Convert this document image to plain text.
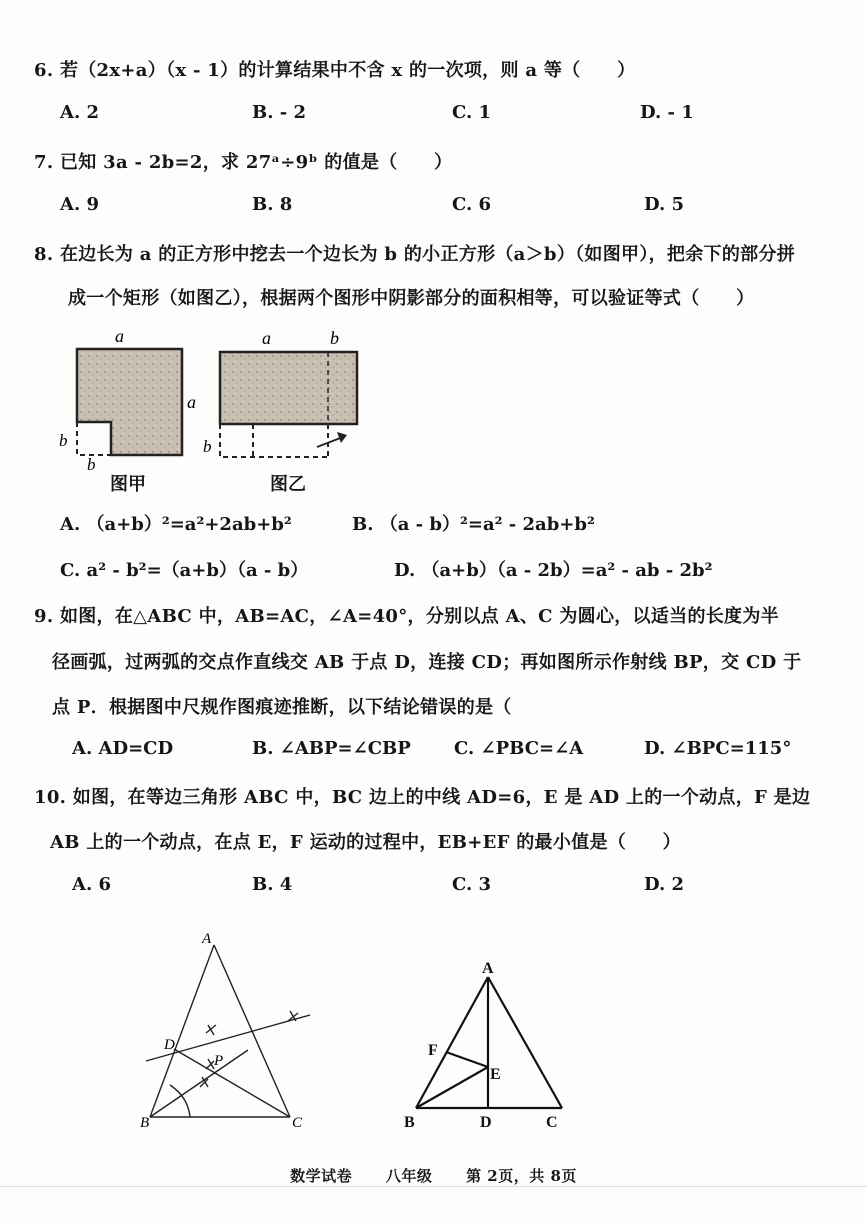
6. 若（2x+a）（x - 1）的计算结果中不含 x 的一次项，则 a 等（　　）
A. 2	B. - 2	C. 1	D. - 1
7. 已知 3a - 2b=2，求 27ᵃ÷9ᵇ 的值是（　　）
A. 9	B. 8	C. 6	D. 5
8. 在边长为 a 的正方形中挖去一个边长为 b 的小正方形（a＞b）（如图甲），把余下的部分拼
成一个矩形（如图乙），根据两个图形中阴影部分的面积相等，可以验证等式（　　）
a
a
b
b
a	b
b
图甲	图乙
A. （a+b）²=a²+2ab+b²	B. （a - b）²=a² - 2ab+b²
C. a² - b²=（a+b）（a - b）	D. （a+b）（a - 2b）=a² - ab - 2b²
9. 如图，在△ABC 中，AB=AC，∠A=40°，分别以点 A、C 为圆心，以适当的长度为半
径画弧，过两弧的交点作直线交 AB 于点 D，连接 CD；再如图所示作射线 BP，交 CD 于
点 P．根据图中尺规作图痕迹推断，以下结论错误的是（
A. AD=CD	B. ∠ABP=∠CBP C. ∠PBC=∠A	D. ∠BPC=115°
10. 如图，在等边三角形 ABC 中，BC 边上的中线 AD=6，E 是 AD 上的一个动点，F 是边
AB 上的一个动点，在点 E，F 运动的过程中，EB+EF 的最小值是（　　）
A. 6	B. 4	C. 3	D. 2
A
D
P
B	C
A
F
E
B	D	C
数学试卷 八年级 第 2页，共 8页
